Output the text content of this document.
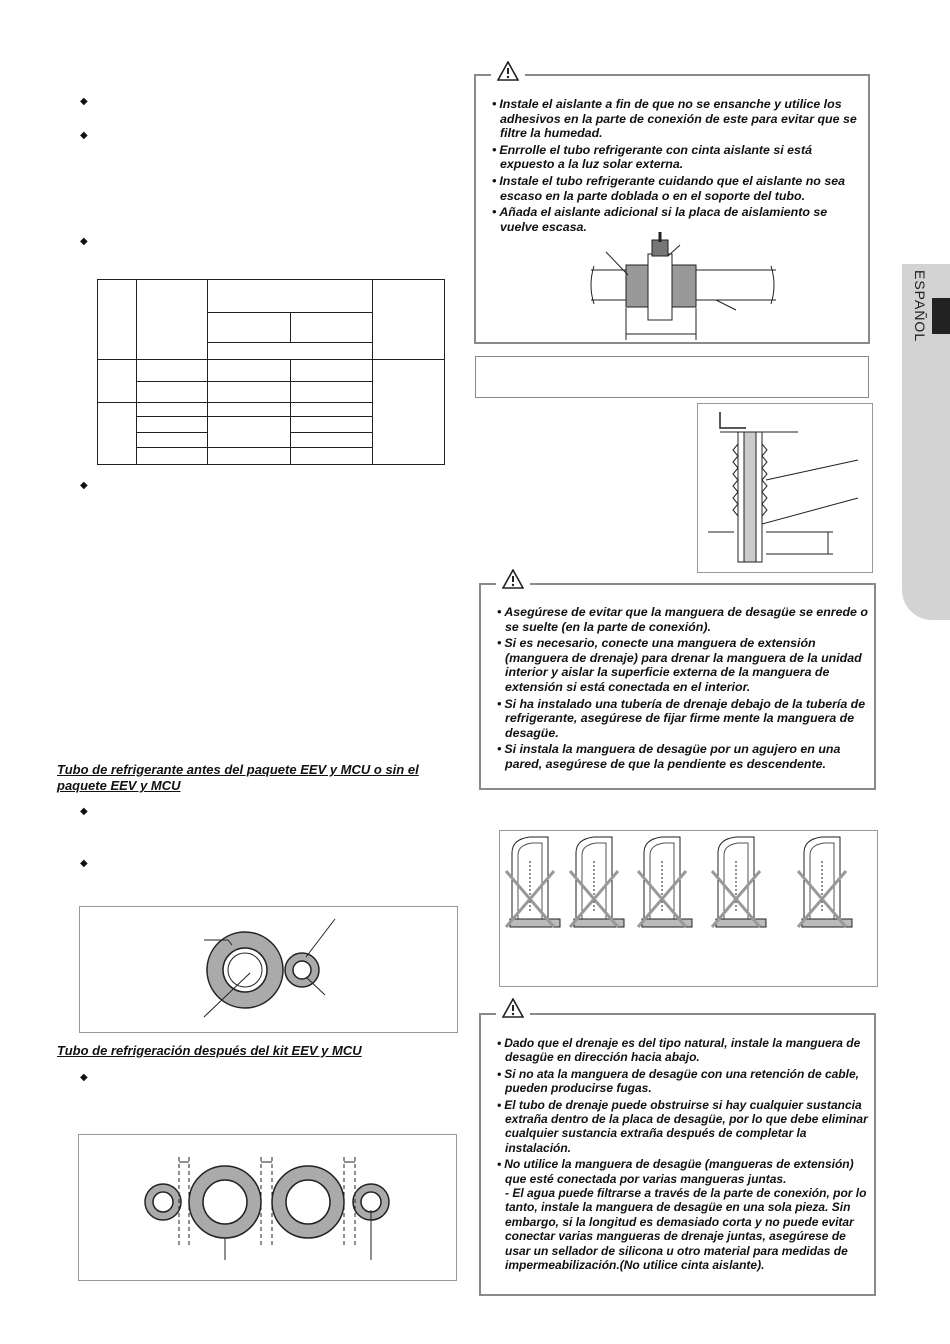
ESPAÑOL
◆
◆
◆
◆
◆
◆
◆

Tubo de refrigerante antes del paquete EEV y MCU o sin el paquete EEV y MCU
Tubo de refrigeración después del kit EEV y MCU
• Instale el aislante a fin de que no se ensanche y utilice los adhesivos en la parte de conexión de este para evitar que se filtre la humedad.
• Enrrolle el tubo refrigerante con cinta aislante si está expuesto a la luz solar externa.
• Instale el tubo refrigerante cuidando que el aislante no sea escaso en la parte doblada o en el soporte del tubo.
• Añada el aislante adicional si la placa de aislamiento se vuelve escasa.
• Asegúrese de evitar que la manguera de desagüe se enrede o se suelte (en la parte de conexión).
• Si es necesario, conecte una manguera de extensión (manguera de drenaje) para drenar la manguera de la unidad interior y aislar la superficie externa de la manguera de extensión si está conectada en el interior.
• Si ha instalado una tubería de drenaje debajo de la tubería de refrigerante, asegúrese de fijar firme mente la manguera de desagüe.
• Si instala la manguera de desagüe por un agujero en una pared, asegúrese de que la pendiente es descendente.
• Dado que el drenaje es del tipo natural, instale la manguera de desagüe en dirección hacia abajo.
• Si no ata la manguera de desagüe con una retención de cable, pueden producirse fugas.
• El tubo de drenaje puede obstruirse si hay cualquier sustancia extraña dentro de la placa de desagüe, por lo que debe eliminar cualquier sustancia extraña después de completar la instalación.
• No utilice la manguera de desagüe (mangueras de extensión) que esté conectada por varias mangueras juntas.
- El agua puede filtrarse a través de la parte de conexión, por lo tanto, instale la manguera de desagüe en una sola pieza. Sin embargo, si la longitud es demasiado corta y no puede evitar conectar varias mangueras de drenaje juntas, asegúrese de usar un sellador de silicona u otro material para medidas de impermeabilización.(No utilice cinta aislante).
